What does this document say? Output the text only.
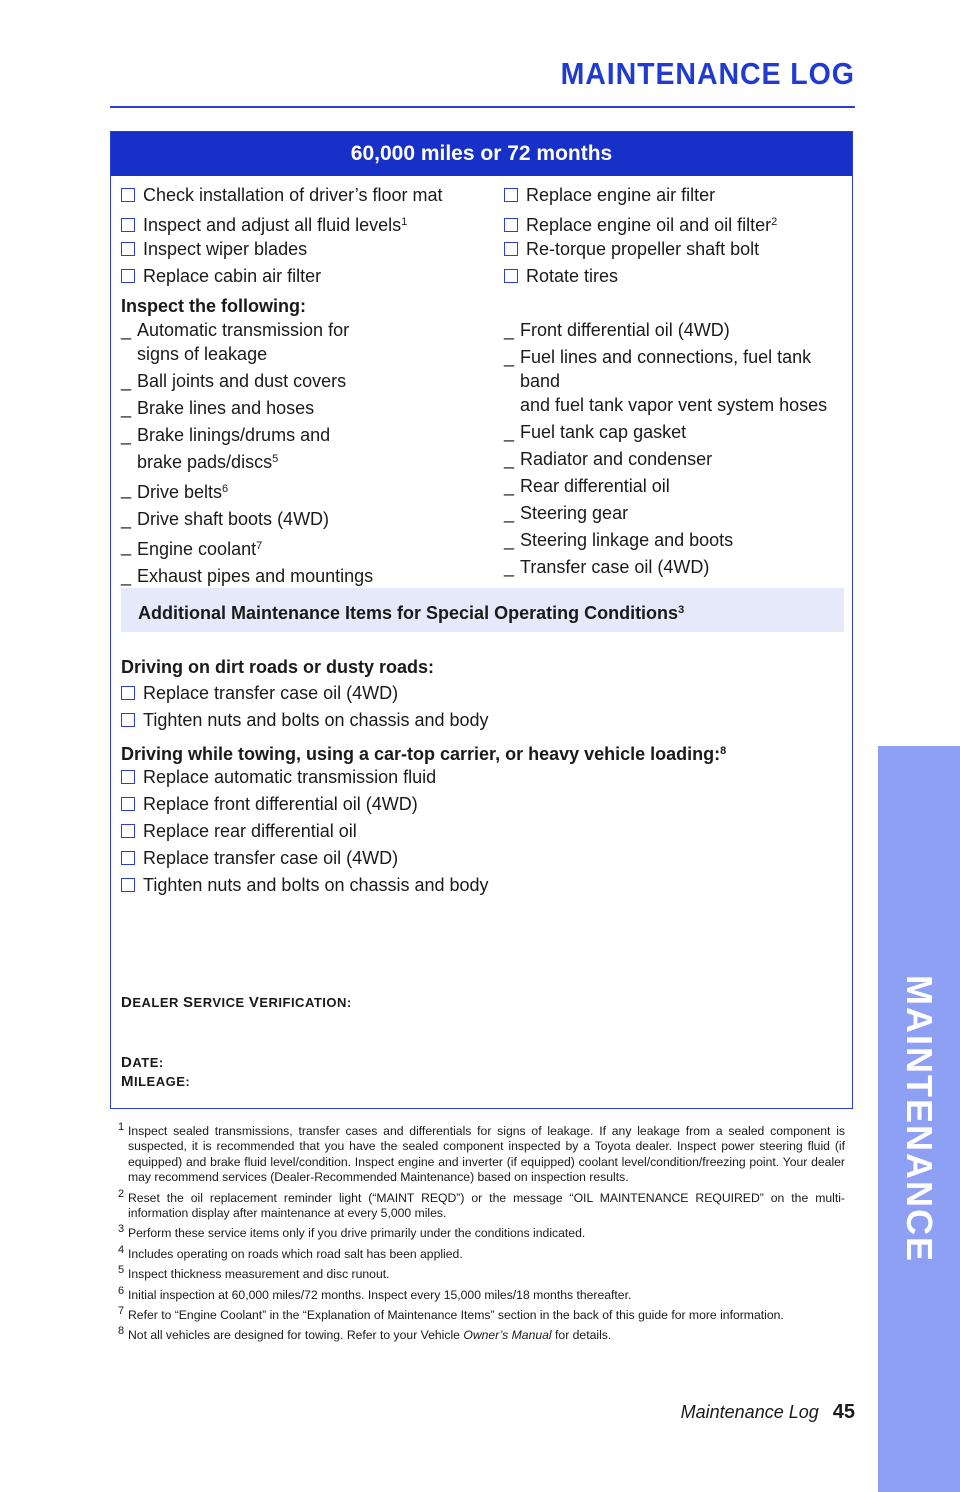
MAINTENANCE LOG
MAINTENANCE
60,000 miles or 72 months
Check installation of driver’s floor mat
Inspect and adjust all fluid levels$^1$
Inspect wiper blades
Replace cabin air filter
Inspect the following:
_ Automatic transmission for
signs of leakage
_ Ball joints and dust covers
_ Brake lines and hoses
_ Brake linings/drums and
brake pads/discs$^5$
_ Drive belts$^6$
_ Drive shaft boots (4WD)
_ Engine coolant$^7$
_ Exhaust pipes and mountings
Replace engine air filter
Replace engine oil and oil filter$^2$
Re-torque propeller shaft bolt
Rotate tires
_ Front differential oil (4WD)
_ Fuel lines and connections, fuel tank band
and fuel tank vapor vent system hoses
_ Fuel tank cap gasket
_ Radiator and condenser
_ Rear differential oil
_ Steering gear
_ Steering linkage and boots
_ Transfer case oil (4WD)
Additional Maintenance Items for Special Operating Conditions$^3$
Driving on dirt roads or dusty roads:
Replace transfer case oil (4WD)
Tighten nuts and bolts on chassis and body
Driving while towing, using a car-top carrier, or heavy vehicle loading:$^8$
Replace automatic transmission fluid
Replace front differential oil (4WD)
Replace rear differential oil
Replace transfer case oil (4WD)
Tighten nuts and bolts on chassis and body
DEALER SERVICE VERIFICATION:
DATE:
MILEAGE:
1 Inspect sealed transmissions, transfer cases and differentials for signs of leakage. If any leakage from a sealed component is suspected, it is recommended that you have the sealed component inspected by a Toyota dealer. Inspect power steering fluid (if equipped) and brake fluid level/condition. Inspect engine and inverter (if equipped) coolant level/condition/freezing point. Your dealer may recommend services (Dealer-Recommended Maintenance) based on inspection results.
2 Reset the oil replacement reminder light (“MAINT REQD”) or the message “OIL MAINTENANCE REQUIRED” on the multi-information display after maintenance at every 5,000 miles.
3 Perform these service items only if you drive primarily under the conditions indicated.
4 Includes operating on roads which road salt has been applied.
5 Inspect thickness measurement and disc runout.
6 Initial inspection at 60,000 miles/72 months. Inspect every 15,000 miles/18 months thereafter.
7 Refer to “Engine Coolant” in the “Explanation of Maintenance Items” section in the back of this guide for more information.
8 Not all vehicles are designed for towing. Refer to your Vehicle Owner’s Manual for details.
Maintenance Log 45
